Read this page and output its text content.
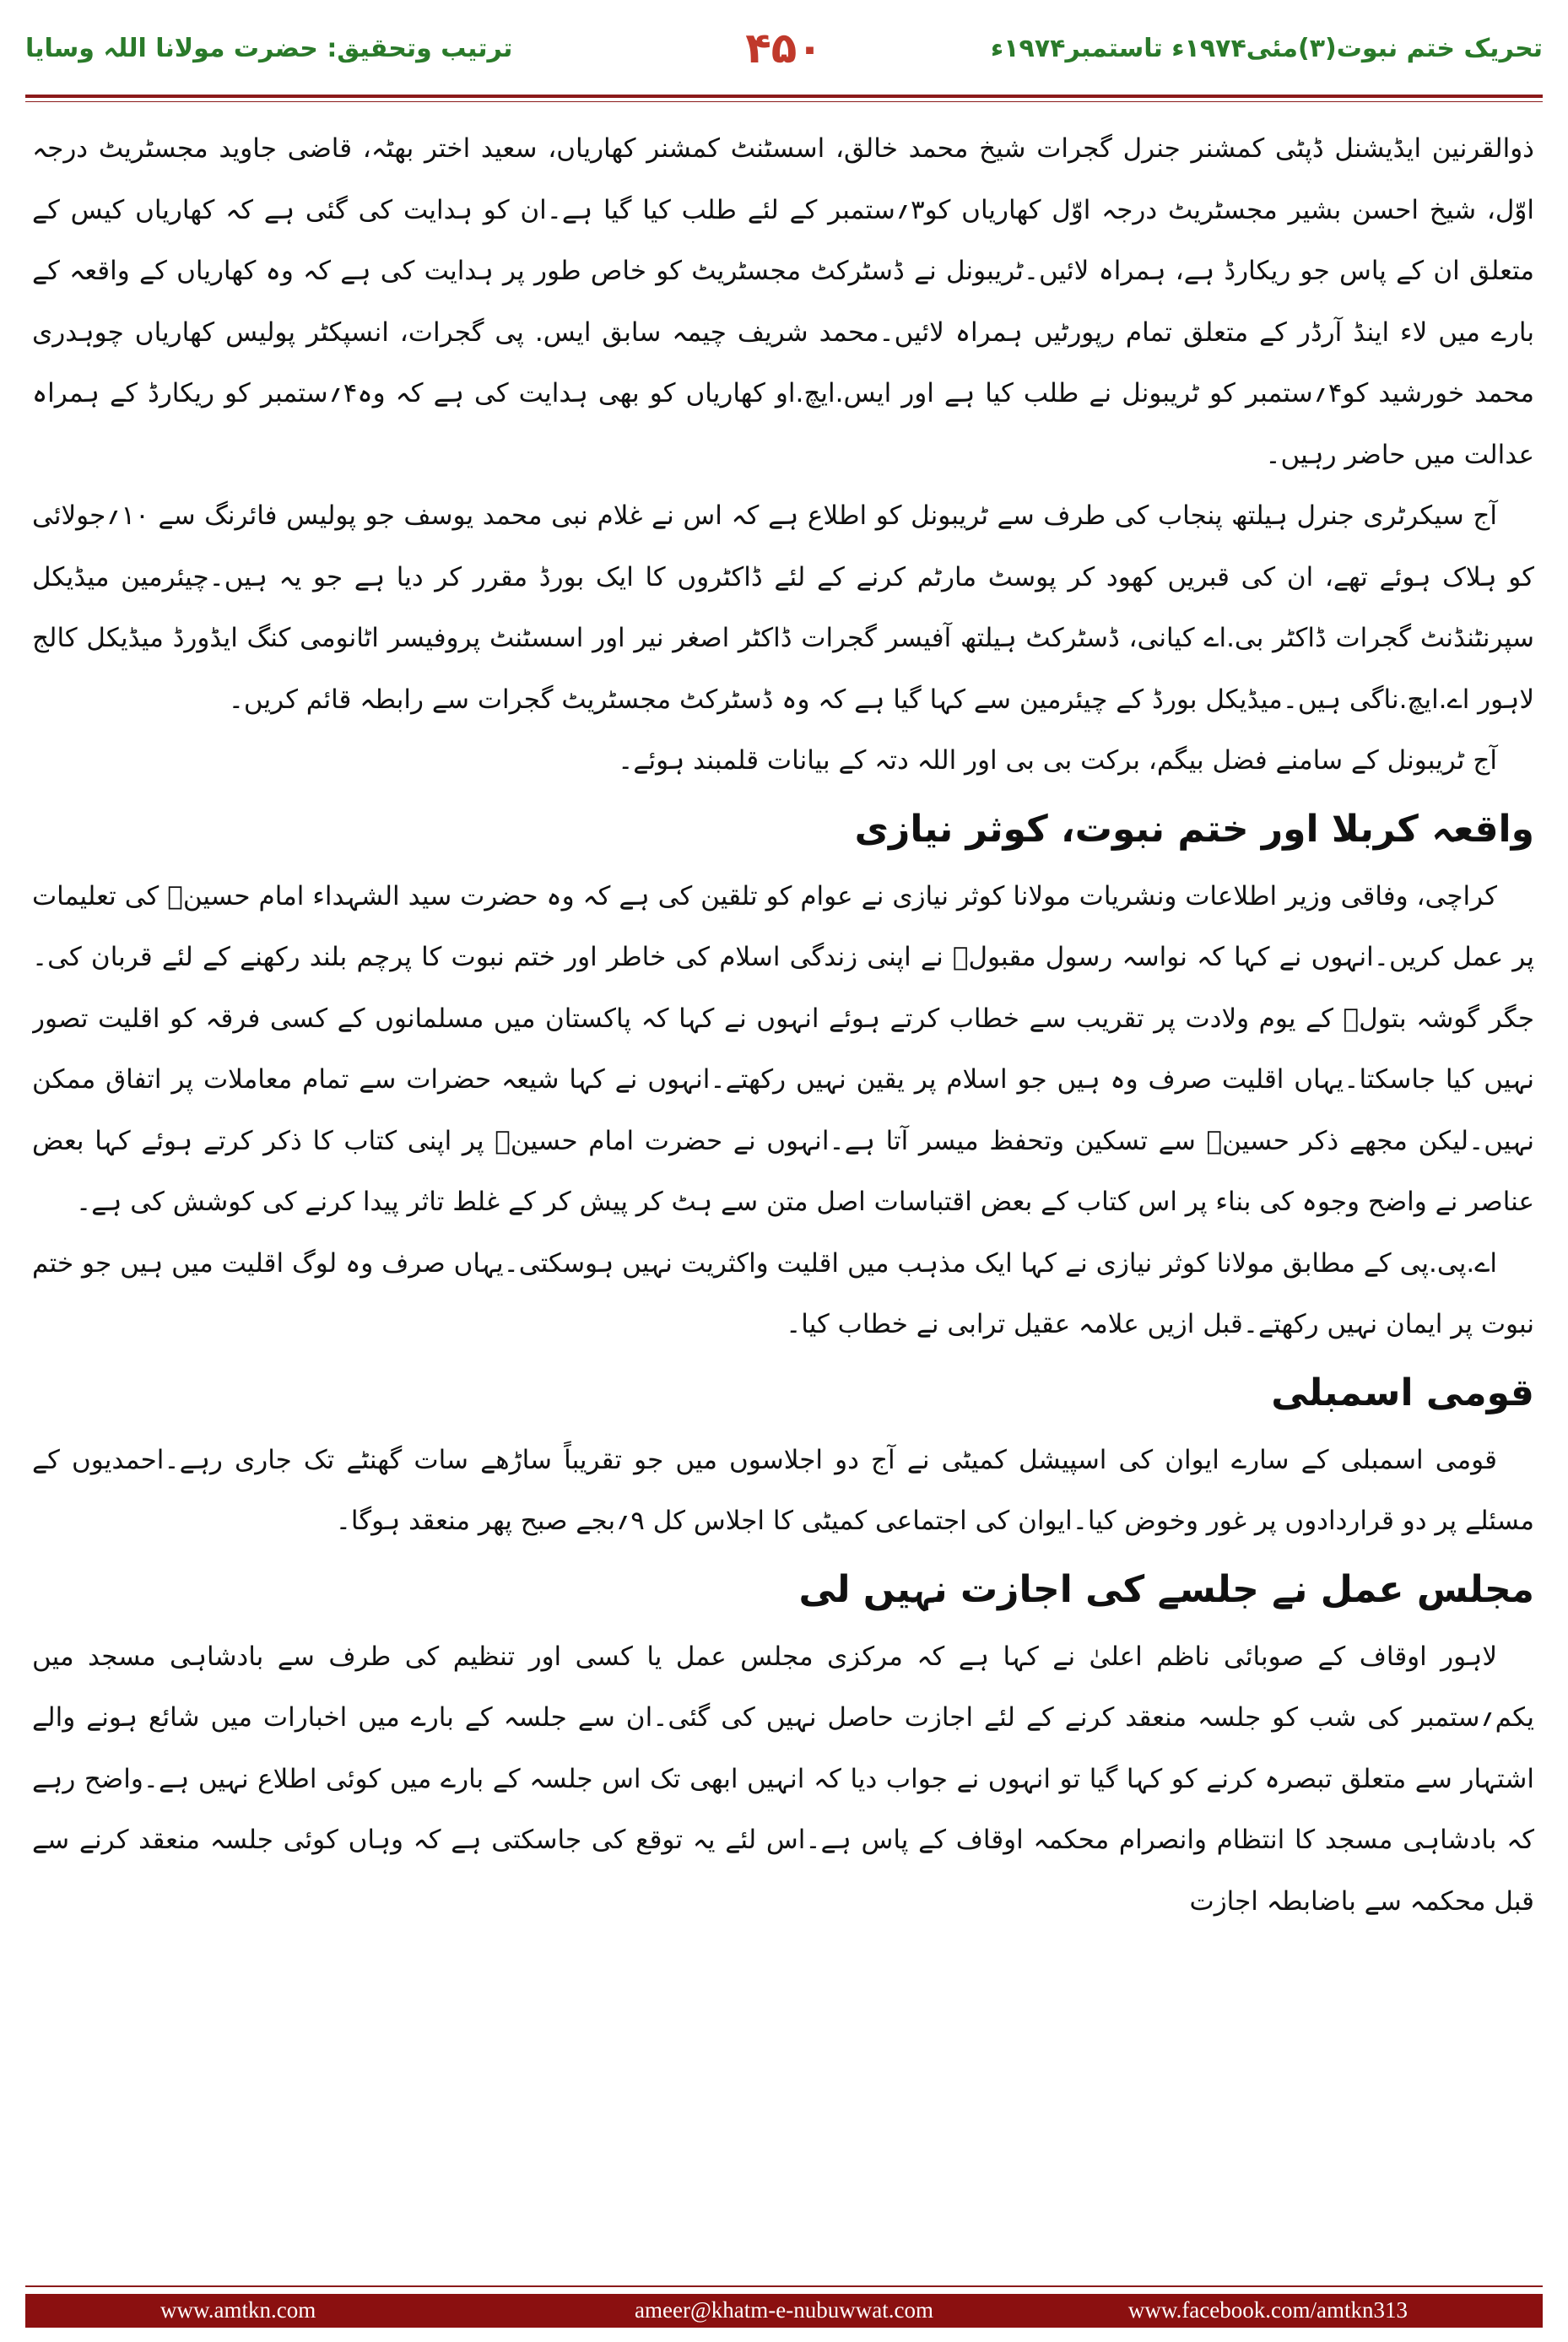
ترتیب وتحقیق: حضرت مولانا اللہ وسایا	۴۵۰	تحریک ختم نبوت(۳)مئی۱۹۷۴ء تاستمبر۱۹۷۴ء

ذوالقرنین ایڈیشنل ڈپٹی کمشنر جنرل گجرات شیخ محمد خالق، اسسٹنٹ کمشنر کھاریاں، سعید اختر بھٹہ، قاضی جاوید مجسٹریٹ درجہ اوّل، شیخ احسن بشیر مجسٹریٹ درجہ اوّل کھاریاں کو۳؍ستمبر کے لئے طلب کیا گیا ہے۔ان کو ہدایت کی گئی ہے کہ کھاریاں کیس کے متعلق ان کے پاس جو ریکارڈ ہے، ہمراہ لائیں۔ٹریبونل نے ڈسٹرکٹ مجسٹریٹ کو خاص طور پر ہدایت کی ہے کہ وہ کھاریاں کے واقعہ کے بارے میں لاء اینڈ آرڈر کے متعلق تمام رپورٹیں ہمراہ لائیں۔محمد شریف چیمہ سابق ایس. پی گجرات، انسپکٹر پولیس کھاریاں چوہدری محمد خورشید کو۴؍ستمبر کو ٹریبونل نے طلب کیا ہے اور ایس.ایچ.او کھاریاں کو بھی ہدایت کی ہے کہ وہ۴؍ستمبر کو ریکارڈ کے ہمراہ عدالت میں حاضر رہیں۔

آج سیکرٹری جنرل ہیلتھ پنجاب کی طرف سے ٹریبونل کو اطلاع ہے کہ اس نے غلام نبی محمد یوسف جو پولیس فائرنگ سے ۱۰؍جولائی کو ہلاک ہوئے تھے، ان کی قبریں کھود کر پوسٹ مارٹم کرنے کے لئے ڈاکٹروں کا ایک بورڈ مقرر کر دیا ہے جو یہ ہیں۔چیئرمین میڈیکل سپرنٹنڈنٹ گجرات ڈاکٹر بی.اے کیانی، ڈسٹرکٹ ہیلتھ آفیسر گجرات ڈاکٹر اصغر نیر اور اسسٹنٹ پروفیسر اٹانومی کنگ ایڈورڈ میڈیکل کالج لاہور اے.ایچ.ناگی ہیں۔میڈیکل بورڈ کے چیئرمین سے کہا گیا ہے کہ وہ ڈسٹرکٹ مجسٹریٹ گجرات سے رابطہ قائم کریں۔

آج ٹریبونل کے سامنے فضل بیگم، برکت بی بی اور اللہ دتہ کے بیانات قلمبند ہوئے۔

واقعہ کربلا اور ختم نبوت، کوثر نیازی

کراچی، وفاقی وزیر اطلاعات ونشریات مولانا کوثر نیازی نے عوام کو تلقین کی ہے کہ وہ حضرت سید الشہداء امام حسینؓ کی تعلیمات پر عمل کریں۔انہوں نے کہا کہ نواسہ رسول مقبولﷺ نے اپنی زندگی اسلام کی خاطر اور ختم نبوت کا پرچم بلند رکھنے کے لئے قربان کی۔جگر گوشہ بتولؓ کے یوم ولادت پر تقریب سے خطاب کرتے ہوئے انہوں نے کہا کہ پاکستان میں مسلمانوں کے کسی فرقہ کو اقلیت تصور نہیں کیا جاسکتا۔یہاں اقلیت صرف وہ ہیں جو اسلام پر یقین نہیں رکھتے۔انہوں نے کہا شیعہ حضرات سے تمام معاملات پر اتفاق ممکن نہیں۔لیکن مجھے ذکر حسینؓ سے تسکین وتحفظ میسر آتا ہے۔انہوں نے حضرت امام حسینؓ پر اپنی کتاب کا ذکر کرتے ہوئے کہا بعض عناصر نے واضح وجوہ کی بناء پر اس کتاب کے بعض اقتباسات اصل متن سے ہٹ کر پیش کر کے غلط تاثر پیدا کرنے کی کوشش کی ہے۔

اے.پی.پی کے مطابق مولانا کوثر نیازی نے کہا ایک مذہب میں اقلیت واکثریت نہیں ہوسکتی۔یہاں صرف وہ لوگ اقلیت میں ہیں جو ختم نبوت پر ایمان نہیں رکھتے۔قبل ازیں علامہ عقیل ترابی نے خطاب کیا۔

قومی اسمبلی

قومی اسمبلی کے سارے ایوان کی اسپیشل کمیٹی نے آج دو اجلاسوں میں جو تقریباً ساڑھے سات گھنٹے تک جاری رہے۔احمدیوں کے مسئلے پر دو قراردادوں پر غور وخوض کیا۔ایوان کی اجتماعی کمیٹی کا اجلاس کل ۹؍بجے صبح پھر منعقد ہوگا۔

مجلس عمل نے جلسے کی اجازت نہیں لی

لاہور اوقاف کے صوبائی ناظم اعلیٰ نے کہا ہے کہ مرکزی مجلس عمل یا کسی اور تنظیم کی طرف سے بادشاہی مسجد میں یکم؍ستمبر کی شب کو جلسہ منعقد کرنے کے لئے اجازت حاصل نہیں کی گئی۔ان سے جلسہ کے بارے میں اخبارات میں شائع ہونے والے اشتہار سے متعلق تبصرہ کرنے کو کہا گیا تو انہوں نے جواب دیا کہ انہیں ابھی تک اس جلسہ کے بارے میں کوئی اطلاع نہیں ہے۔واضح رہے کہ بادشاہی مسجد کا انتظام وانصرام محکمہ اوقاف کے پاس ہے۔اس لئے یہ توقع کی جاسکتی ہے کہ وہاں کوئی جلسہ منعقد کرنے سے قبل محکمہ سے باضابطہ اجازت

www.amtkn.com	ameer@khatm-e-nubuwwat.com	www.facebook.com/amtkn313
